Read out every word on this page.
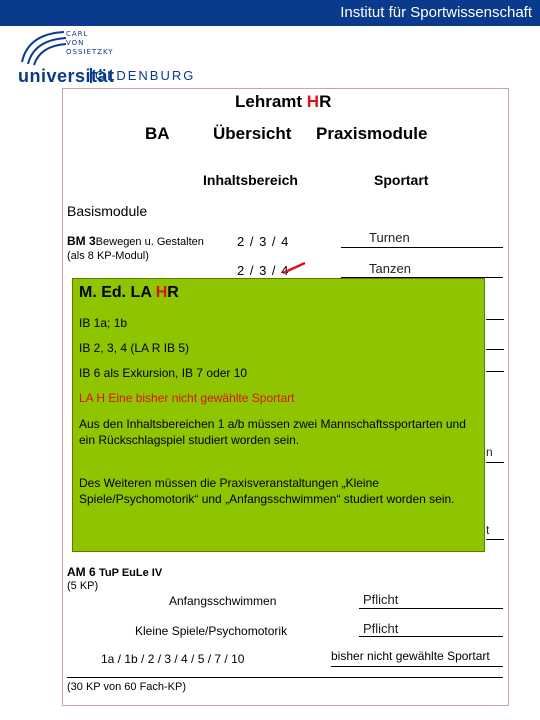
Institut für Sportwissenschaft
CARL
VON
OSSIETZKY
universität
OLDENBURG
Lehramt HR
BA	Übersicht Praxismodule
Inhaltsbereich	Sportart
Basismodule
BM 3Bewegen u. Gestalten
(als 8 KP-Modul)
2 / 3 / 4	Turnen
2 / 3 / 4	Tanzen
n
t
AM 6 TuP EuLe IV
(5 KP)
Anfangsschwimmen	Pflicht
Kleine Spiele/Psychomotorik	Pflicht
1a / 1b / 2 / 3 / 4 / 5 / 7 / 10	bisher nicht gewählte Sportart
(30 KP von 60 Fach-KP)
M. Ed. LA HR
IB 1a; 1b
IB 2, 3, 4 (LA R IB 5)
IB 6 als Exkursion, IB 7 oder 10
LA H Eine bisher nicht gewählte Sportart
Aus den Inhaltsbereichen 1 a/b müssen zwei Mannschaftssportarten und ein Rückschlagspiel studiert worden sein.
Des Weiteren müssen die Praxisveranstaltungen „Kleine Spiele/Psychomotorik“ und „Anfangsschwimmen“ studiert worden sein.
